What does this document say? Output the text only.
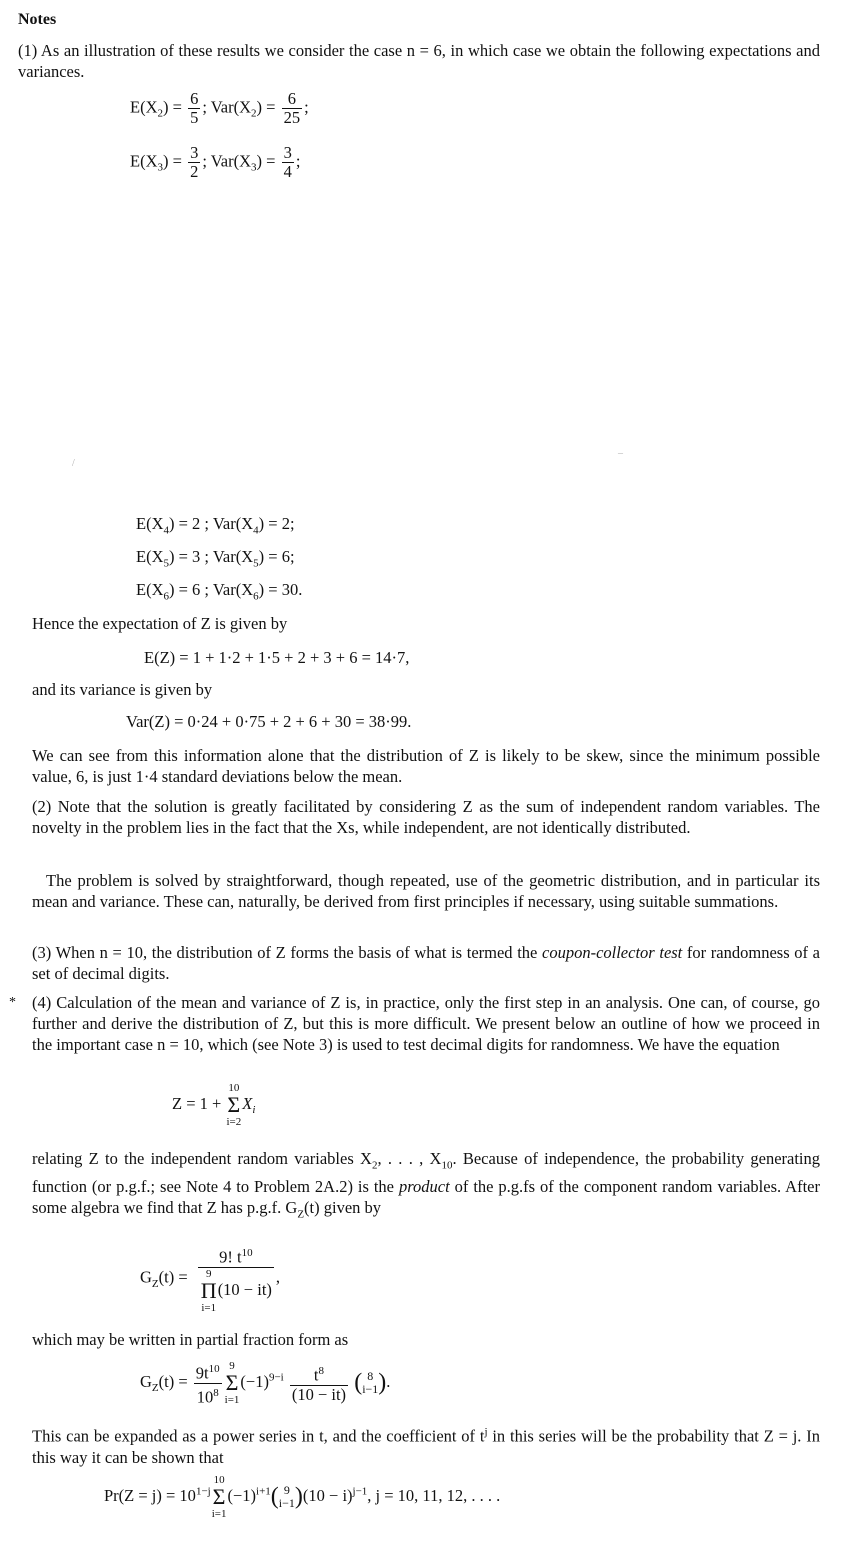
Notes
(1) As an illustration of these results we consider the case n = 6, in which case we obtain the following expectations and variances.
$E(X_2) = \frac{6}{5}$ ; $Var(X_2) = \frac{6}{25}$ ;
$E(X_3) = \frac{3}{2}$ ; $Var(X_3) = \frac{3}{4}$ ;
/
‒
$E(X_4) = 2$ ; $Var(X_4) = 2$;
$E(X_5) = 3$ ; $Var(X_5) = 6$;
$E(X_6) = 6$ ; $Var(X_6) = 30$.
Hence the expectation of Z is given by
E(Z) = 1 + 1·2 + 1·5 + 2 + 3 + 6 = 14·7,
and its variance is given by
Var(Z) = 0·24 + 0·75 + 2 + 6 + 30 = 38·99.
We can see from this information alone that the distribution of Z is likely to be skew, since the minimum possible value, 6, is just 1·4 standard deviations below the mean.
(2) Note that the solution is greatly facilitated by considering Z as the sum of independent random variables. The novelty in the problem lies in the fact that the Xs, while independent, are not identically distributed.
The problem is solved by straightforward, though repeated, use of the geometric distribution, and in particular its mean and variance. These can, naturally, be derived from first principles if necessary, using suitable summations.
(3) When n = 10, the distribution of Z forms the basis of what is termed the coupon-collector test for randomness of a set of decimal digits.
* (4) Calculation of the mean and variance of Z is, in practice, only the first step in an analysis. One can, of course, go further and derive the distribution of Z, but this is more difficult. We present below an outline of how we proceed in the important case n = 10, which (see Note 3) is used to test decimal digits for randomness. We have the equation
Z = 1 +
10
Σ
i=2
$X_i$
relating Z to the independent random variables $X_2$, . . . , $X_{10}$. Because of independence, the probability generating function (or p.g.f.; see Note 4 to Problem 2A.2) is the product of the p.g.fs of the component random variables. After some algebra we find that Z has p.g.f. $G_Z(t)$ given by
$G_Z(t) = 9$! $t^{10}$
9
Π
i=1
(10 − it) ,
which may be written in partial fraction form as
$G_Z(t) = \frac{9t^{10}}{10^8} 9$
Σ
i=1
$(-1)^{9-i} \frac{t^8}{(10 - it)}$ ( 8
i−1 ).
This can be expanded as a power series in t, and the coefficient of $t^j$ in this series will be the probability that Z = j. In this way it can be shown that
$Pr(Z = j) = 10^{1-j}$
10
Σ
i=1
$(-1)^{i+1}$( 9
i−1 )$(10 - i)^{j-1}$, j = 10, 11, 12, . . . .
